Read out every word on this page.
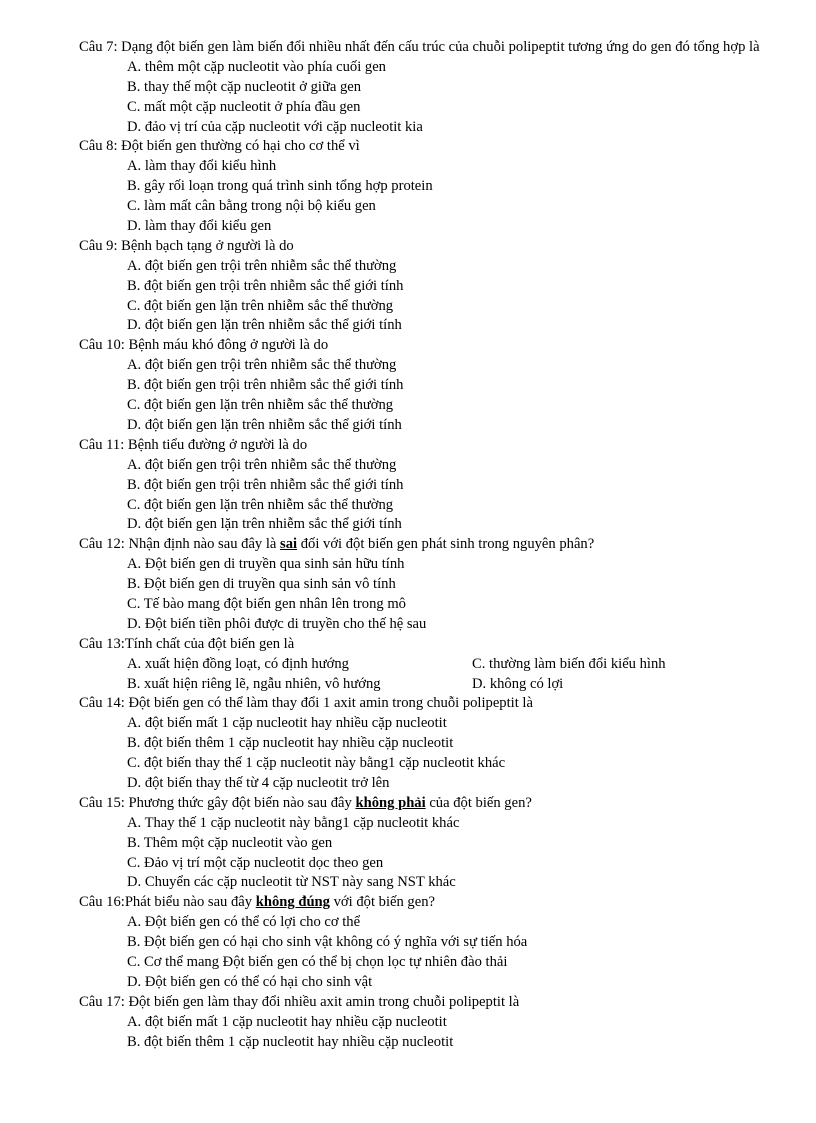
Câu 7: Dạng đột biến gen làm biến đổi nhiều nhất đến cấu trúc của chuỗi polipeptit tương ứng do gen đó tổng hợp là
A. thêm một cặp nucleotit vào phía cuối gen
B. thay thế một cặp nucleotit ở giữa gen
C. mất một cặp nucleotit ở phía đầu gen
D. đảo vị trí của cặp nucleotit với cặp nucleotit kia
Câu 8: Đột biến gen thường có hại cho cơ thể vì
A. làm thay đổi kiểu hình
B. gây rối loạn trong quá trình sinh tổng hợp protein
C. làm mất cân bằng trong nội bộ kiểu gen
D. làm thay đổi kiểu gen
Câu 9: Bệnh bạch tạng ở người là do
A. đột biến gen trội trên nhiễm sắc thể thường
B. đột biến gen trội trên nhiễm sắc thể giới tính
C. đột biến gen lặn trên nhiễm sắc thể thường
D. đột biến gen lặn trên nhiễm sắc thể giới tính
Câu 10: Bệnh máu khó đông ở người là do
A. đột biến gen trội trên nhiễm sắc thể thường
B. đột biến gen trội trên nhiễm sắc thể giới tính
C. đột biến gen lặn trên nhiễm sắc thể thường
D. đột biến gen lặn trên nhiễm sắc thể giới tính
Câu 11: Bệnh tiểu đường ở người là do
A. đột biến gen trội trên nhiễm sắc thể thường
B. đột biến gen trội trên nhiễm sắc thể giới tính
C. đột biến gen lặn trên nhiễm sắc thể thường
D. đột biến gen lặn trên nhiễm sắc thể giới tính
Câu 12: Nhận định nào sau đây là sai đối với đột biến gen phát sinh trong nguyên phân?
A. Đột biến gen di truyền qua sinh sản hữu tính
B. Đột biến gen di truyền qua sinh sản vô tính
C. Tế bào mang đột biến gen nhân lên trong mô
D. Đột biến tiền phôi được di truyền cho thế hệ sau
Câu 13:Tính chất của đột biến gen là
A. xuất hiện đồng loạt, có định hướng	C. thường làm biến đổi kiểu hình
B. xuất hiện riêng lẽ, ngẫu nhiên, vô hướng	D. không có lợi
Câu 14: Đột biến gen có thể làm thay đổi 1 axit amin trong chuỗi polipeptit là
A. đột biến mất 1 cặp nucleotit hay nhiều cặp nucleotit
B. đột biến thêm 1 cặp nucleotit hay nhiều cặp nucleotit
C. đột biến thay thế 1 cặp nucleotit này bằng1 cặp nucleotit khác
D. đột biến thay thế từ 4 cặp nucleotit trở lên
Câu 15: Phương thức gây đột biến nào sau đây không phải của đột biến gen?
A. Thay thế 1 cặp nucleotit này bằng1 cặp nucleotit khác
B. Thêm một cặp nucleotit vào gen
C. Đảo vị trí một cặp nucleotit dọc theo gen
D. Chuyển các cặp nucleotit từ NST này sang NST khác
Câu 16:Phát biểu nào sau đây không đúng với đột biến gen?
A. Đột biến gen có thể có lợi cho cơ thể
B. Đột biến gen có hại cho sinh vật không có ý nghĩa với sự tiến hóa
C. Cơ thể mang Đột biến gen có thể bị chọn lọc tự nhiên đào thải
D. Đột biến gen có thể có hại cho sinh vật
Câu 17: Đột biến gen làm thay đổi nhiều axit amin trong chuỗi polipeptit là
A. đột biến mất 1 cặp nucleotit hay nhiều cặp nucleotit
B. đột biến thêm 1 cặp nucleotit hay nhiều cặp nucleotit
